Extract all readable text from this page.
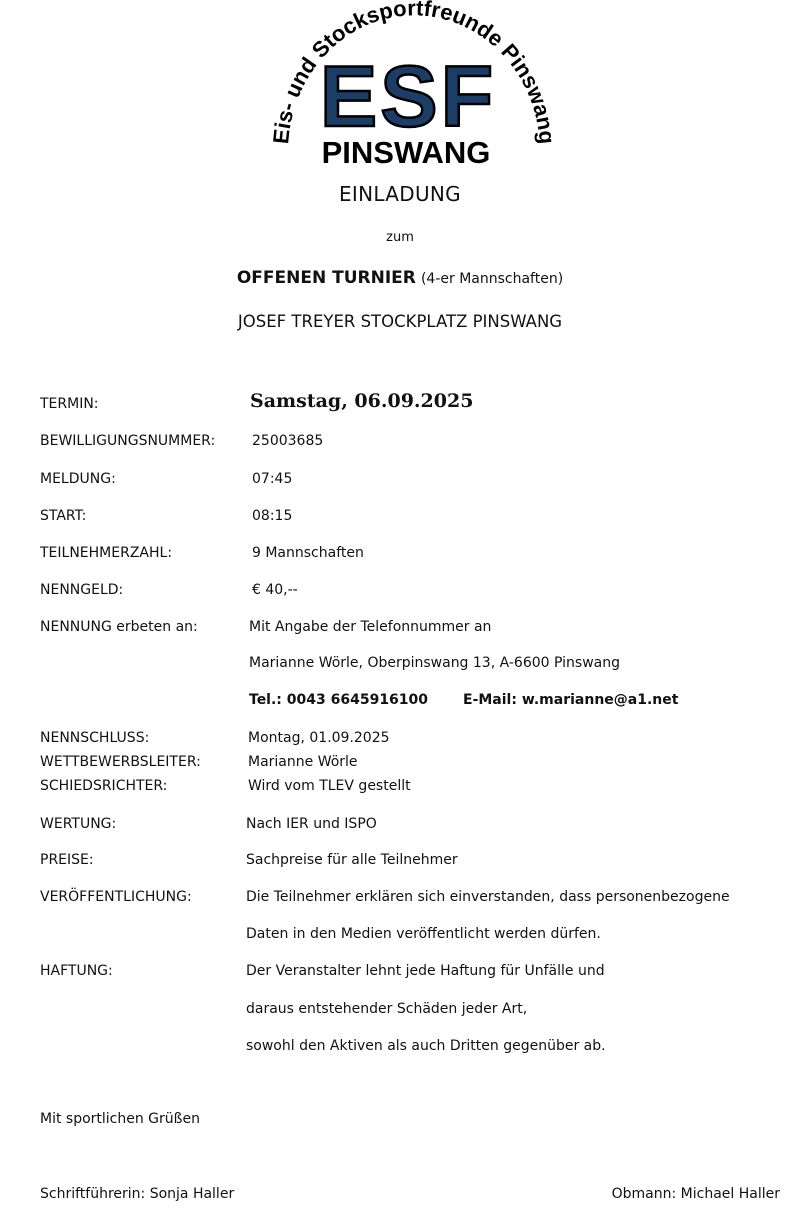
Eis- und Stocksportfreunde Pinswang
ESF
PINSWANG
EINLADUNG
zum
OFFENEN TURNIER (4-er Mannschaften)
JOSEF TREYER STOCKPLATZ PINSWANG
TERMIN:	Samstag, 06.09.2025
BEWILLIGUNGSNUMMER:	25003685
MELDUNG:	07:45
START:	08:15
TEILNEHMERZAHL:	9 Mannschaften
NENNGELD:	€ 40,--
NENNUNG erbeten an:	Mit Angabe der Telefonnummer an
Marianne Wörle, Oberpinswang 13, A-6600 Pinswang
Tel.: 0043 6645916100 E-Mail: w.marianne@a1.net
NENNSCHLUSS:	Montag, 01.09.2025
WETTBEWERBSLEITER:	Marianne Wörle
SCHIEDSRICHTER:	Wird vom TLEV gestellt
WERTUNG:	Nach IER und ISPO
PREISE:	Sachpreise für alle Teilnehmer
VERÖFFENTLICHUNG:	Die Teilnehmer erklären sich einverstanden, dass personenbezogene
Daten in den Medien veröffentlicht werden dürfen.
HAFTUNG:	Der Veranstalter lehnt jede Haftung für Unfälle und
daraus entstehender Schäden jeder Art,
sowohl den Aktiven als auch Dritten gegenüber ab.
Mit sportlichen Grüßen
Schriftführerin: Sonja Haller	Obmann: Michael Haller
